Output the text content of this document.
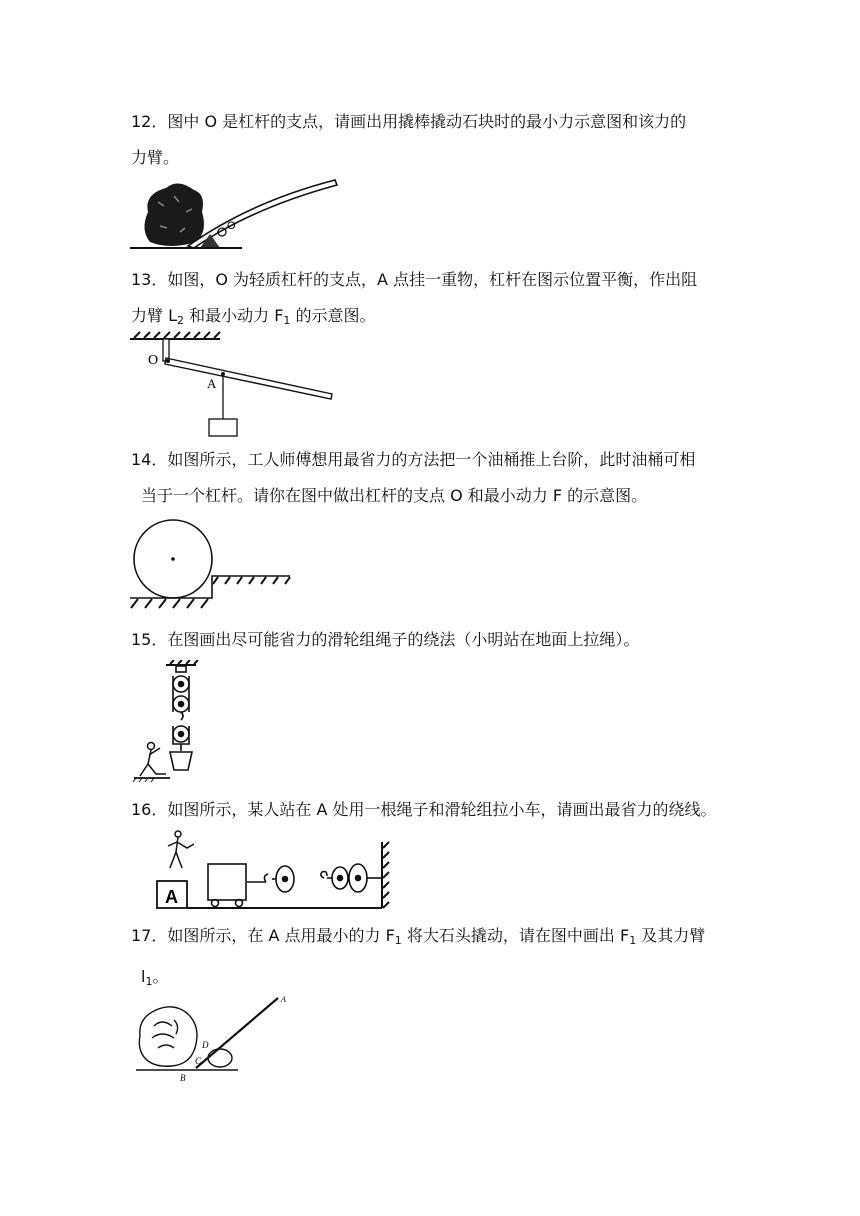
12．图中 O 是杠杆的支点，请画出用撬棒撬动石块时的最小力示意图和该力的
力臂。

O

13．如图，O 为轻质杠杆的支点，A 点挂一重物，杠杆在图示位置平衡，作出阻
力臂 $L_2$ 和最小动力 $F_1$ 的示意图。

O
A

14．如图所示，工人师傅想用最省力的方法把一个油桶推上台阶，此时油桶可相

当于一个杠杆。请你在图中做出杠杆的支点 O 和最小动力 F 的示意图。

15．在图画出尽可能省力的滑轮组绳子的绕法（小明站在地面上拉绳）。

16．如图所示，某人站在 A 处用一根绳子和滑轮组拉小车，请画出最省力的绕线。

A

17．如图所示，在 A 点用最小的力 $F_1$ 将大石头撬动，请在图中画出 $F_1$ 及其力臂

$l_1$。

A
D
C
B
